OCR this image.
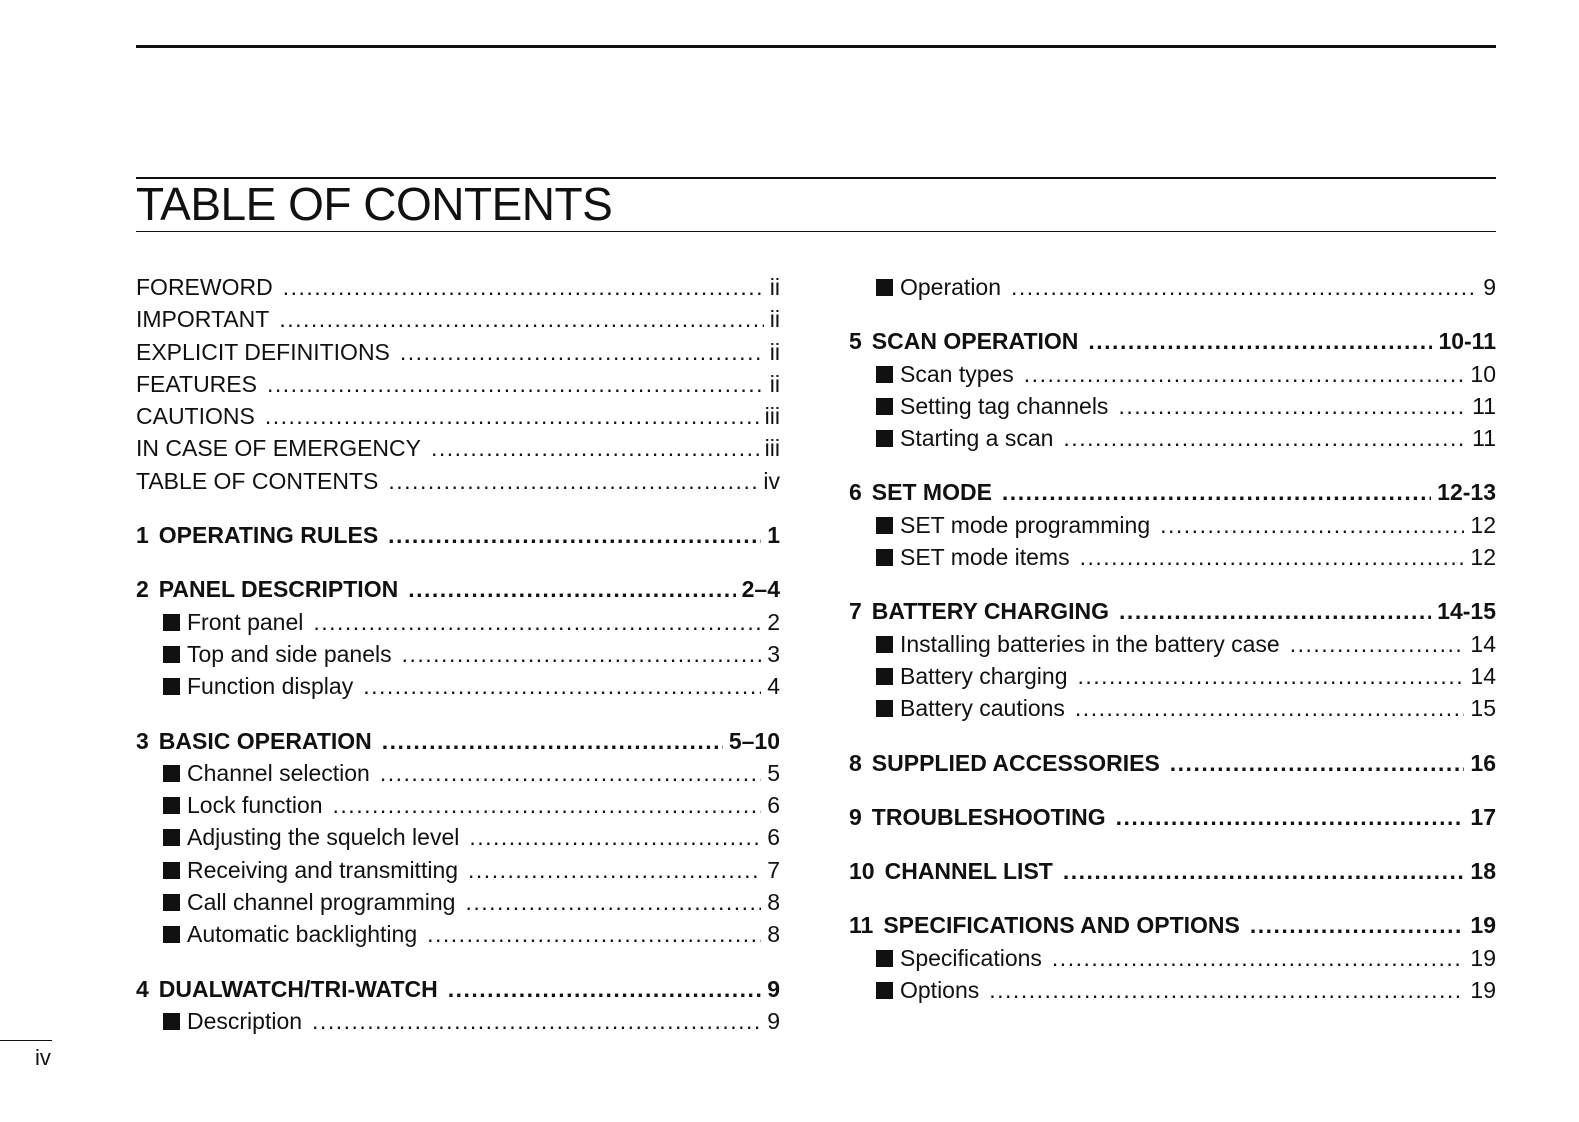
TABLE OF CONTENTS
FOREWORD .....	ii
IMPORTANT .....	ii
EXPLICIT DEFINITIONS .....	ii
FEATURES .....	ii
CAUTIONS .....	iii
IN CASE OF EMERGENCY .....	iii
TABLE OF CONTENTS .....	iv
1 OPERATING RULES .....	1
2 PANEL DESCRIPTION .....	2–4
Front panel .....	2
Top and side panels .....	3
Function display .....	4
3 BASIC OPERATION .....	5–10
Channel selection .....	5
Lock function .....	6
Adjusting the squelch level .....	6
Receiving and transmitting .....	7
Call channel programming .....	8
Automatic backlighting .....	8
4 DUALWATCH/TRI-WATCH .....	9
Description .....	9
Operation .....	9
5 SCAN OPERATION .....	10-11
Scan types .....	10
Setting tag channels .....	11
Starting a scan .....	11
6 SET MODE .....	12-13
SET mode programming .....	12
SET mode items .....	12
7 BATTERY CHARGING .....	14-15
Installing batteries in the battery case .....	14
Battery charging .....	14
Battery cautions .....	15
8 SUPPLIED ACCESSORIES .....	16
9 TROUBLESHOOTING .....	17
10 CHANNEL LIST .....	18
11 SPECIFICATIONS AND OPTIONS .....	19
Specifications .....	19
Options .....	19
iv
